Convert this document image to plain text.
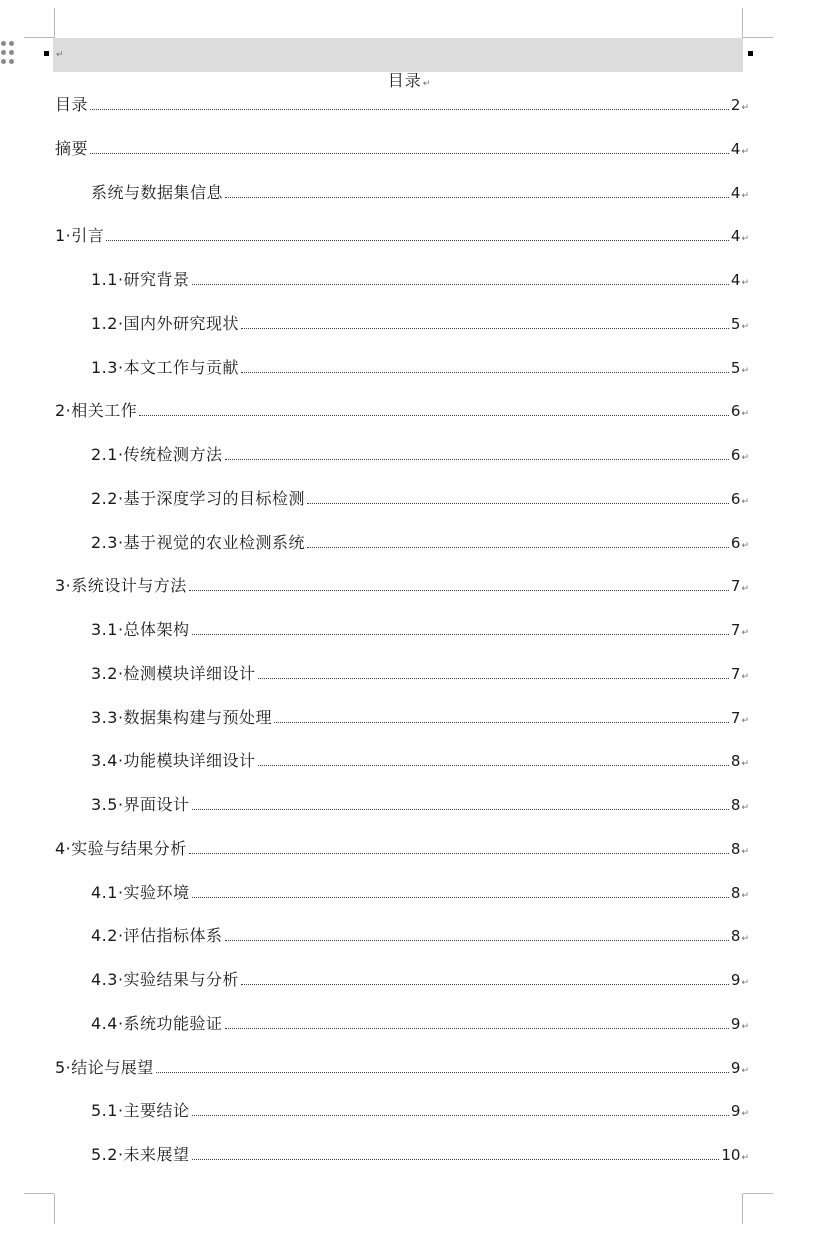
↵
目录↵
目录	2 ↵
摘要	4 ↵
系统与数据集信息	4 ↵
1·引言	4 ↵
1.1·研究背景	4 ↵
1.2·国内外研究现状	5 ↵
1.3·本文工作与贡献	5 ↵
2·相关工作	6 ↵
2.1·传统检测方法	6 ↵
2.2·基于深度学习的目标检测	6 ↵
2.3·基于视觉的农业检测系统	6 ↵
3·系统设计与方法	7 ↵
3.1·总体架构	7 ↵
3.2·检测模块详细设计	7 ↵
3.3·数据集构建与预处理	7 ↵
3.4·功能模块详细设计	8 ↵
3.5·界面设计	8 ↵
4·实验与结果分析	8 ↵
4.1·实验环境	8 ↵
4.2·评估指标体系	8 ↵
4.3·实验结果与分析	9 ↵
4.4·系统功能验证	9 ↵
5·结论与展望	9 ↵
5.1·主要结论	9 ↵
5.2·未来展望	10 ↵
